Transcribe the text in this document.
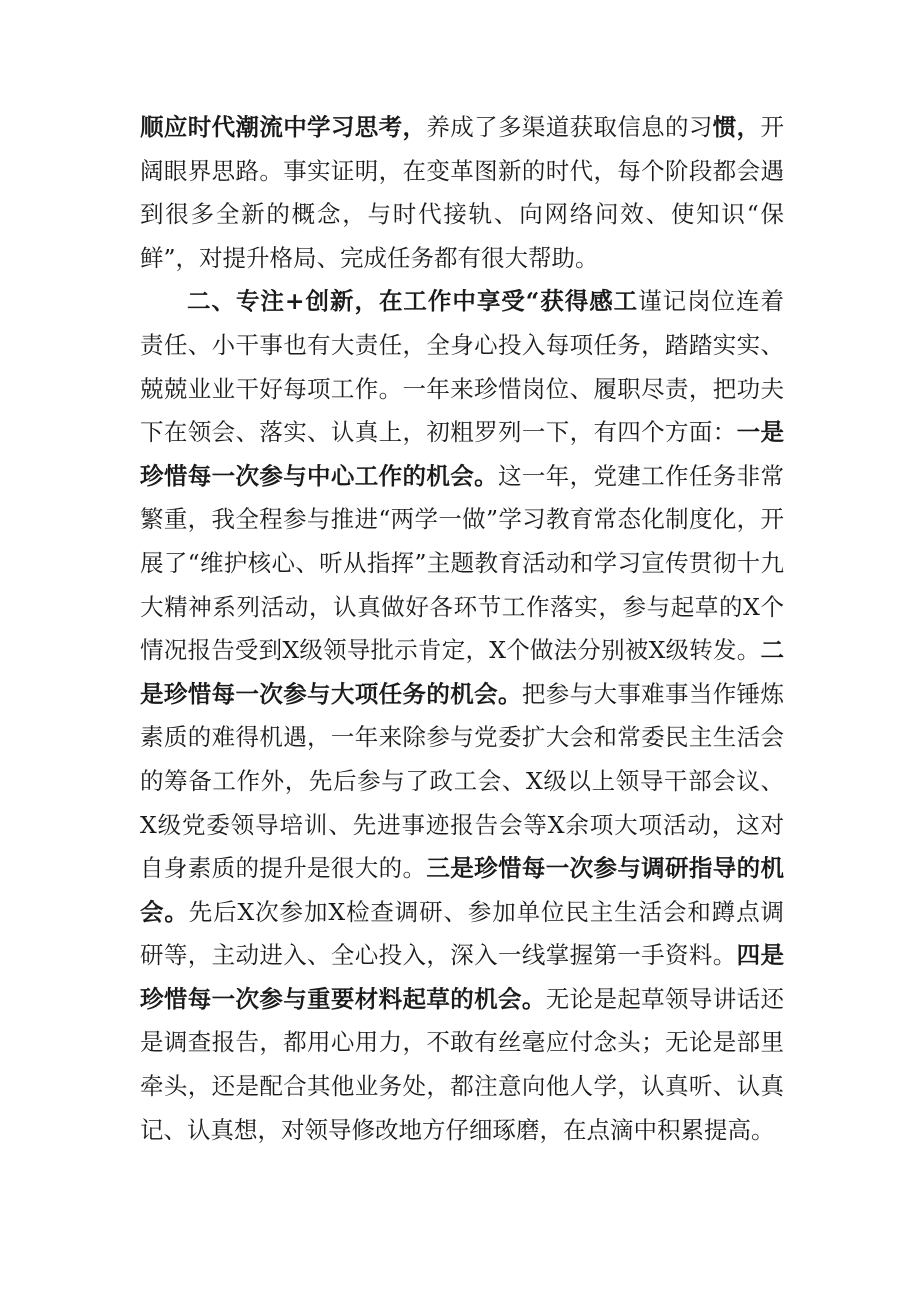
顺应时代潮流中学习思考，养成了多渠道获取信息的习惯，开阔眼界思路。事实证明，在变革图新的时代，每个阶段都会遇到很多全新的概念，与时代接轨、向网络问效、使知识“保鲜”，对提升格局、完成任务都有很大帮助。

二、专注+创新，在工作中享受“获得感工谨记岗位连着责任、小干事也有大责任，全身心投入每项任务，踏踏实实、兢兢业业干好每项工作。一年来珍惜岗位、履职尽责，把功夫下在领会、落实、认真上，初粗罗列一下，有四个方面：一是珍惜每一次参与中心工作的机会。这一年，党建工作任务非常繁重，我全程参与推进“两学一做”学习教育常态化制度化，开展了“维护核心、听从指挥”主题教育活动和学习宣传贯彻十九大精神系列活动，认真做好各环节工作落实，参与起草的X个情况报告受到X级领导批示肯定，X个做法分别被X级转发。二是珍惜每一次参与大项任务的机会。把参与大事难事当作锤炼素质的难得机遇，一年来除参与党委扩大会和常委民主生活会的筹备工作外，先后参与了政工会、X级以上领导干部会议、X级党委领导培训、先进事迹报告会等X余项大项活动，这对自身素质的提升是很大的。三是珍惜每一次参与调研指导的机会。先后X次参加X检查调研、参加单位民主生活会和蹲点调研等，主动进入、全心投入，深入一线掌握第一手资料。四是珍惜每一次参与重要材料起草的机会。无论是起草领导讲话还是调查报告，都用心用力，不敢有丝毫应付念头；无论是部里牵头，还是配合其他业务处，都注意向他人学，认真听、认真记、认真想，对领导修改地方仔细琢磨，在点滴中积累提高。
